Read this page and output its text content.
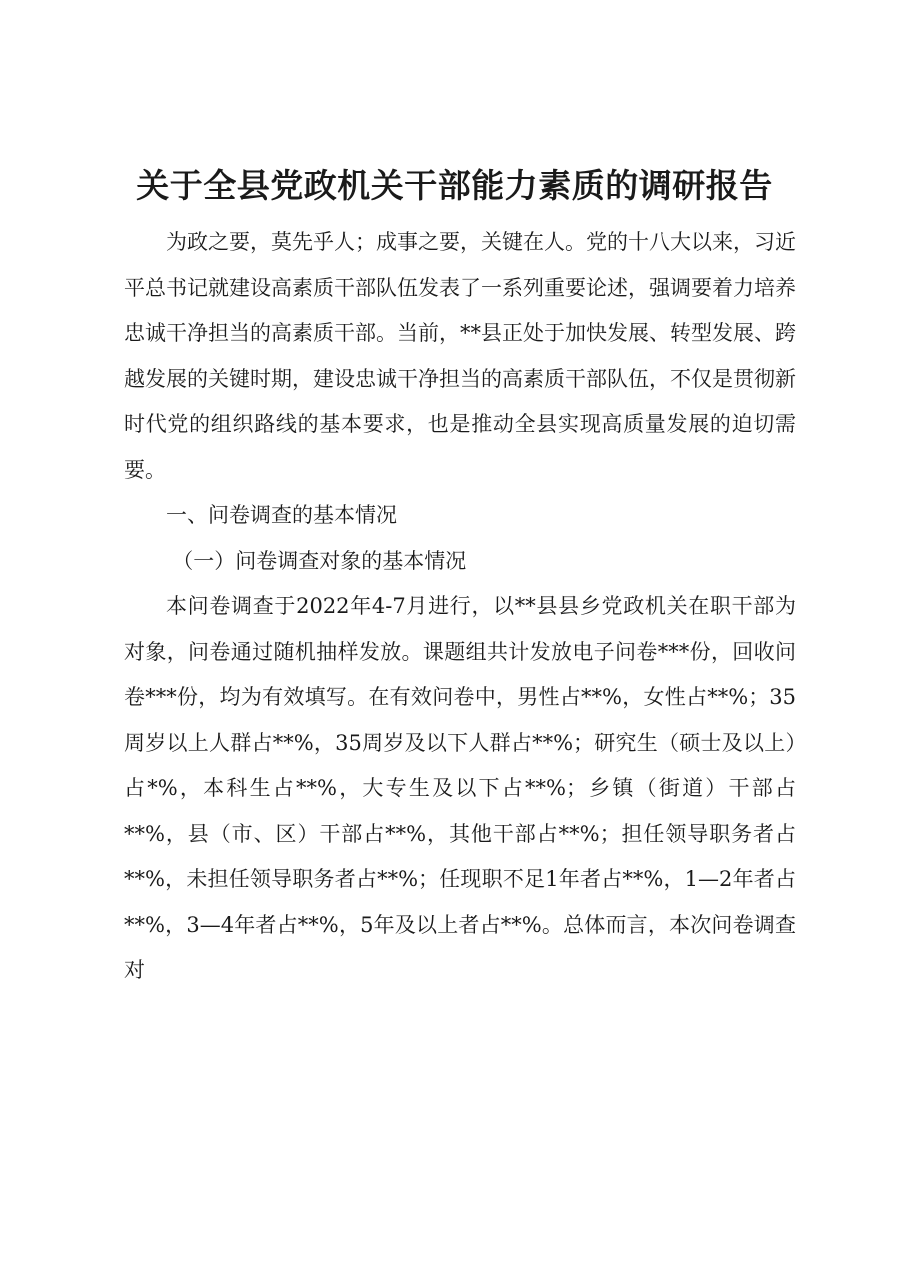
关于全县党政机关干部能力素质的调研报告

为政之要，莫先乎人；成事之要，关键在人。党的十八大以来，习近平总书记就建设高素质干部队伍发表了一系列重要论述，强调要着力培养忠诚干净担当的高素质干部。当前，**县正处于加快发展、转型发展、跨越发展的关键时期，建设忠诚干净担当的高素质干部队伍，不仅是贯彻新时代党的组织路线的基本要求，也是推动全县实现高质量发展的迫切需要。

一、问卷调查的基本情况

（一）问卷调查对象的基本情况

本问卷调查于2022年4-7月进行，以**县县乡党政机关在职干部为对象，问卷通过随机抽样发放。课题组共计发放电子问卷***份，回收问卷***份，均为有效填写。在有效问卷中，男性占**%，女性占**%；35周岁以上人群占**%，35周岁及以下人群占**%；研究生（硕士及以上）占*%，本科生占**%，大专生及以下占**%；乡镇（街道）干部占**%，县（市、区）干部占**%，其他干部占**%；担任领导职务者占**%，未担任领导职务者占**%；任现职不足1年者占**%，1—2年者占**%，3—4年者占**%，5年及以上者占**%。总体而言，本次问卷调查对
